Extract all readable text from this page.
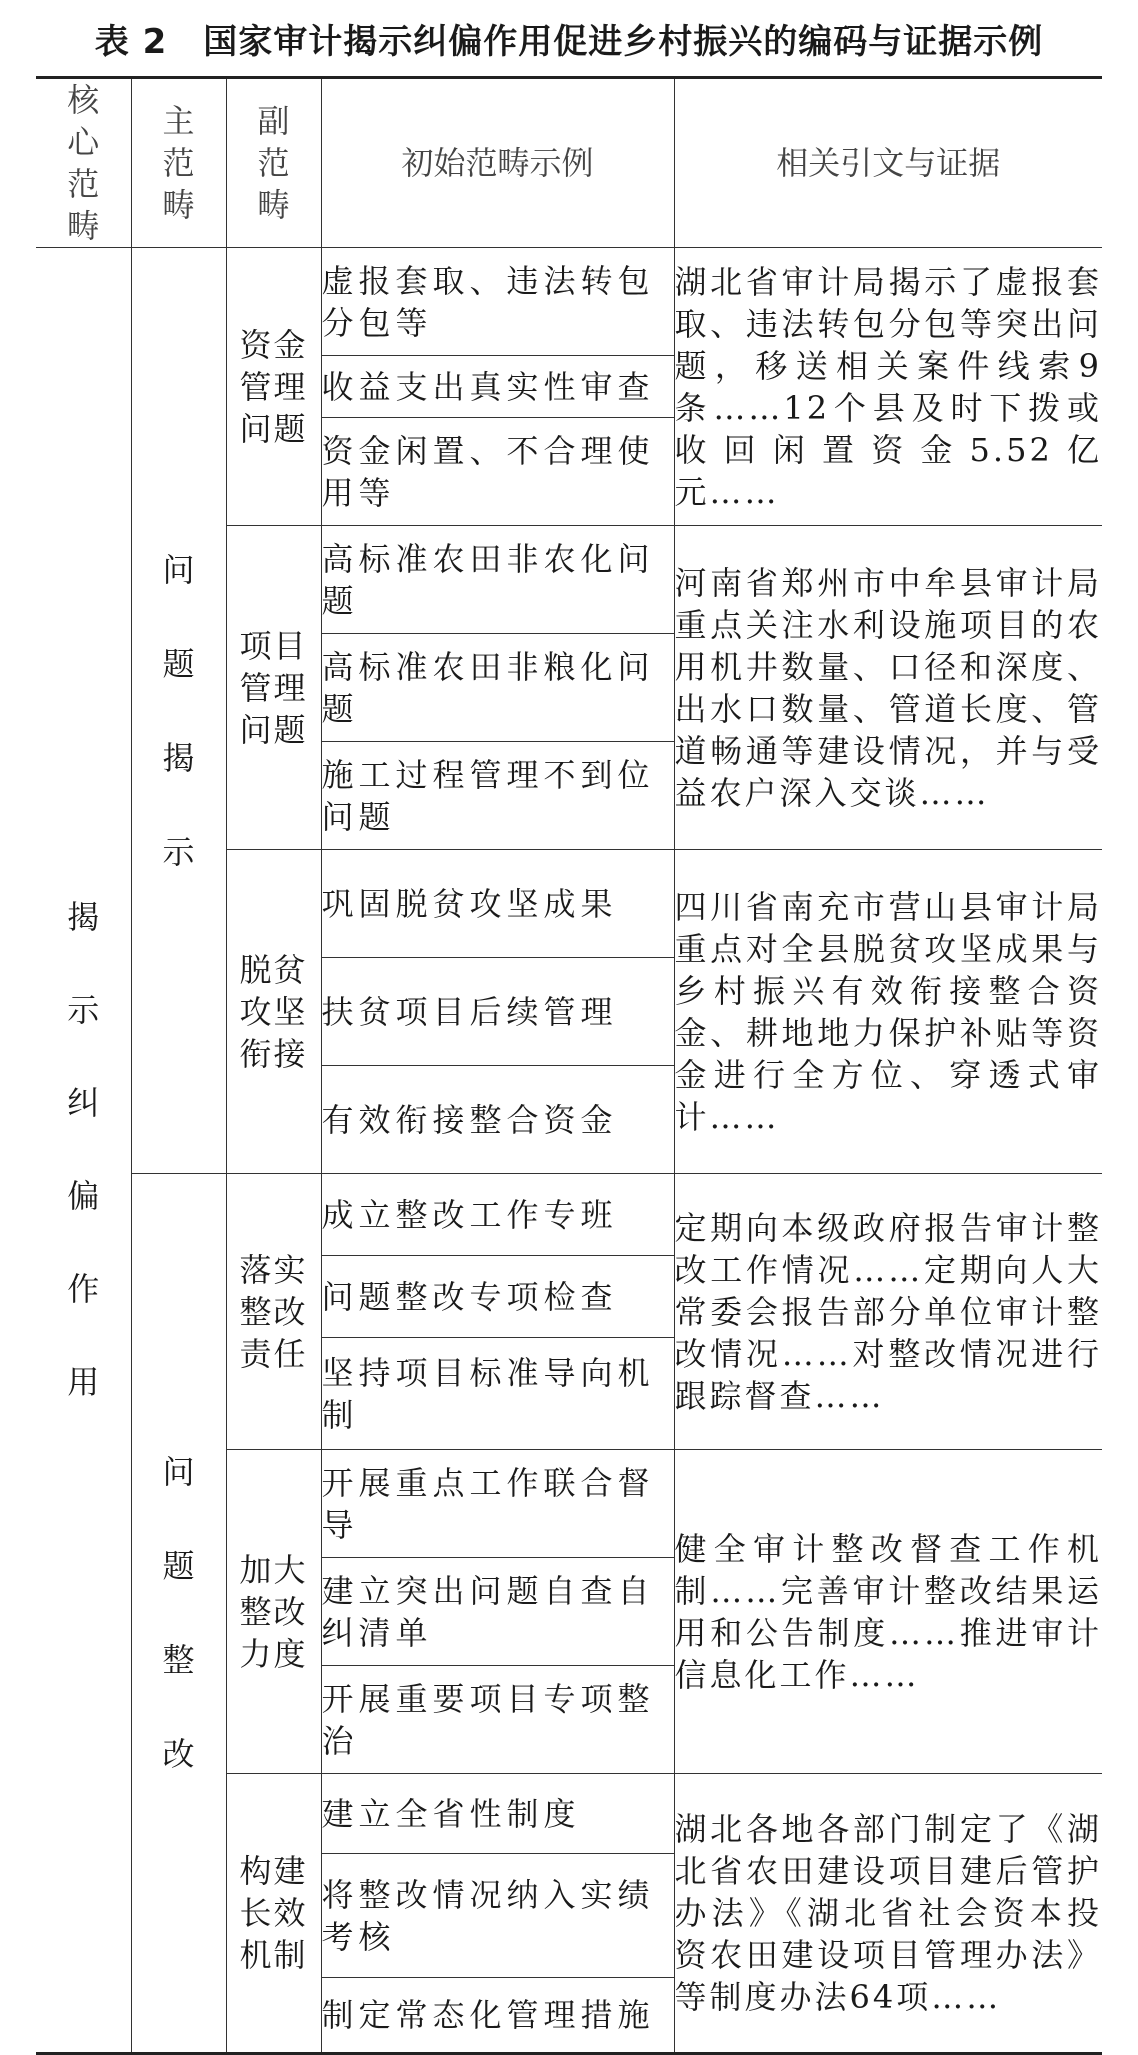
表 2 国家审计揭示纠偏作用促进乡村振兴的编码与证据示例
核心范畴	主范畴	副范畴	初始范畴示例	相关引文与证据
揭示纠偏作用	问题揭示	资金管理问题	虚报套取、违法转包分包等	湖北省审计局揭示了虚报套取、违法转包分包等突出问题，移送相关案件线索9条……12个县及时下拨或收回闲置资金5.52亿元……
			收益支出真实性审查	
			资金闲置、不合理使用等	
		项目管理问题	高标准农田非农化问题	河南省郑州市中牟县审计局重点关注水利设施项目的农用机井数量、口径和深度、出水口数量、管道长度、管道畅通等建设情况，并与受益农户深入交谈……
			高标准农田非粮化问题	
			施工过程管理不到位问题	
		脱贫攻坚衔接	巩固脱贫攻坚成果	四川省南充市营山县审计局重点对全县脱贫攻坚成果与乡村振兴有效衔接整合资金、耕地地力保护补贴等资金进行全方位、穿透式审计……
			扶贫项目后续管理	
			有效衔接整合资金	
	问题整改	落实整改责任	成立整改工作专班	定期向本级政府报告审计整改工作情况……定期向人大常委会报告部分单位审计整改情况……对整改情况进行跟踪督查……
			问题整改专项检查	
			坚持项目标准导向机制	
		加大整改力度	开展重点工作联合督导	健全审计整改督查工作机制……完善审计整改结果运用和公告制度……推进审计信息化工作……
			建立突出问题自查自纠清单	
			开展重要项目专项整治	
		构建长效机制	建立全省性制度	湖北各地各部门制定了《湖北省农田建设项目建后管护办法》《湖北省社会资本投资农田建设项目管理办法》等制度办法64项……
			将整改情况纳入实绩考核	
			制定常态化管理措施	
